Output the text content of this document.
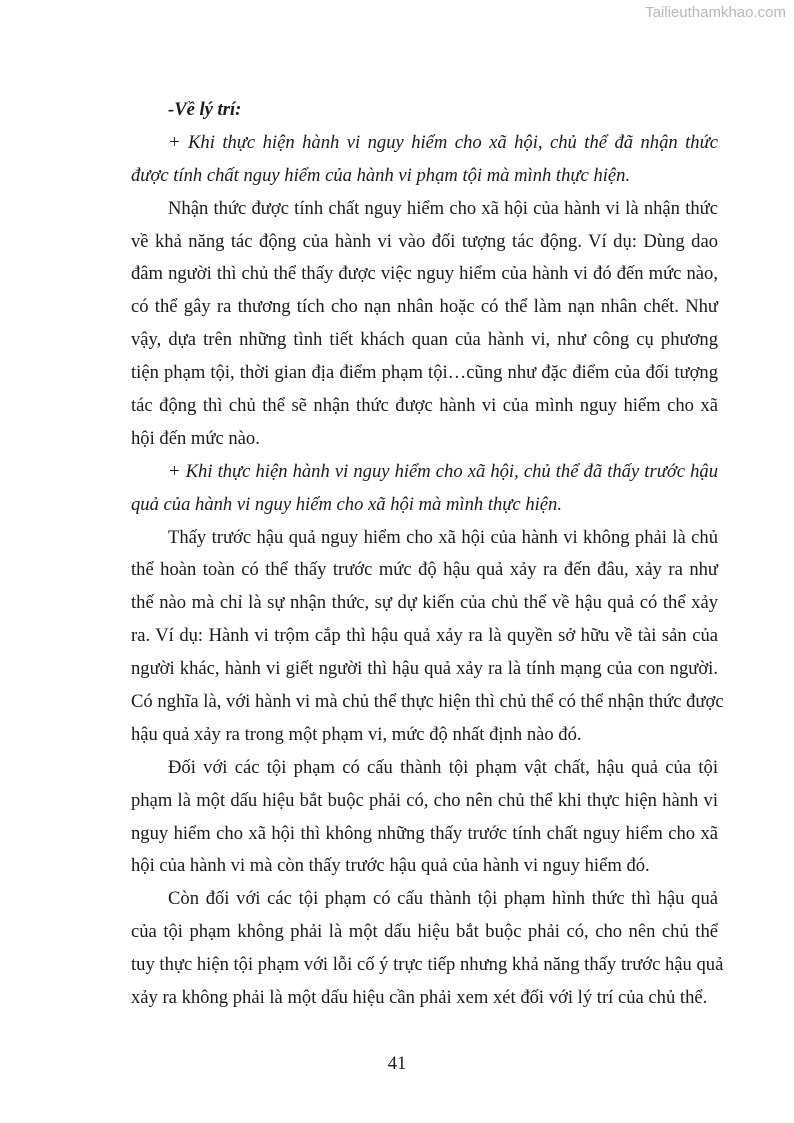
Tailieuthamkhao.com
-Về lý trí:
+ Khi thực hiện hành vi nguy hiểm cho xã hội, chủ thể đã nhận thức
được tính chất nguy hiểm của hành vi phạm tội mà mình thực hiện.
Nhận thức được tính chất nguy hiểm cho xã hội của hành vi là nhận thức
về khả năng tác động của hành vi vào đối tượng tác động. Ví dụ: Dùng dao
đâm người thì chủ thể thấy được việc nguy hiểm của hành vi đó đến mức nào,
có thể gây ra thương tích cho nạn nhân hoặc có thể làm nạn nhân chết. Như
vậy, dựa trên những tình tiết khách quan của hành vi, như công cụ phương
tiện phạm tội, thời gian địa điểm phạm tội…cũng như đặc điểm của đối tượng
tác động thì chủ thể sẽ nhận thức được hành vi của mình nguy hiểm cho xã
hội đến mức nào.
+ Khi thực hiện hành vi nguy hiểm cho xã hội, chủ thể đã thấy trước hậu
quả của hành vi nguy hiểm cho xã hội mà mình thực hiện.
Thấy trước hậu quả nguy hiểm cho xã hội của hành vi không phải là chủ
thể hoàn toàn có thể thấy trước mức độ hậu quả xảy ra đến đâu, xảy ra như
thế nào mà chỉ là sự nhận thức, sự dự kiến của chủ thể về hậu quả có thể xảy
ra. Ví dụ: Hành vi trộm cắp thì hậu quả xảy ra là quyền sở hữu về tài sản của
người khác, hành vi giết người thì hậu quả xảy ra là tính mạng của con người.
Có nghĩa là, với hành vi mà chủ thể thực hiện thì chủ thể có thể nhận thức được
hậu quả xảy ra trong một phạm vi, mức độ nhất định nào đó.
Đối với các tội phạm có cấu thành tội phạm vật chất, hậu quả của tội
phạm là một dấu hiệu bắt buộc phải có, cho nên chủ thể khi thực hiện hành vi
nguy hiểm cho xã hội thì không những thấy trước tính chất nguy hiểm cho xã
hội của hành vi mà còn thấy trước hậu quả của hành vi nguy hiểm đó.
Còn đối với các tội phạm có cấu thành tội phạm hình thức thì hậu quả
của tội phạm không phải là một dấu hiệu bắt buộc phải có, cho nên chủ thể
tuy thực hiện tội phạm với lỗi cố ý trực tiếp nhưng khả năng thấy trước hậu quả
xảy ra không phải là một dấu hiệu cần phải xem xét đối với lý trí của chủ thể.
41
